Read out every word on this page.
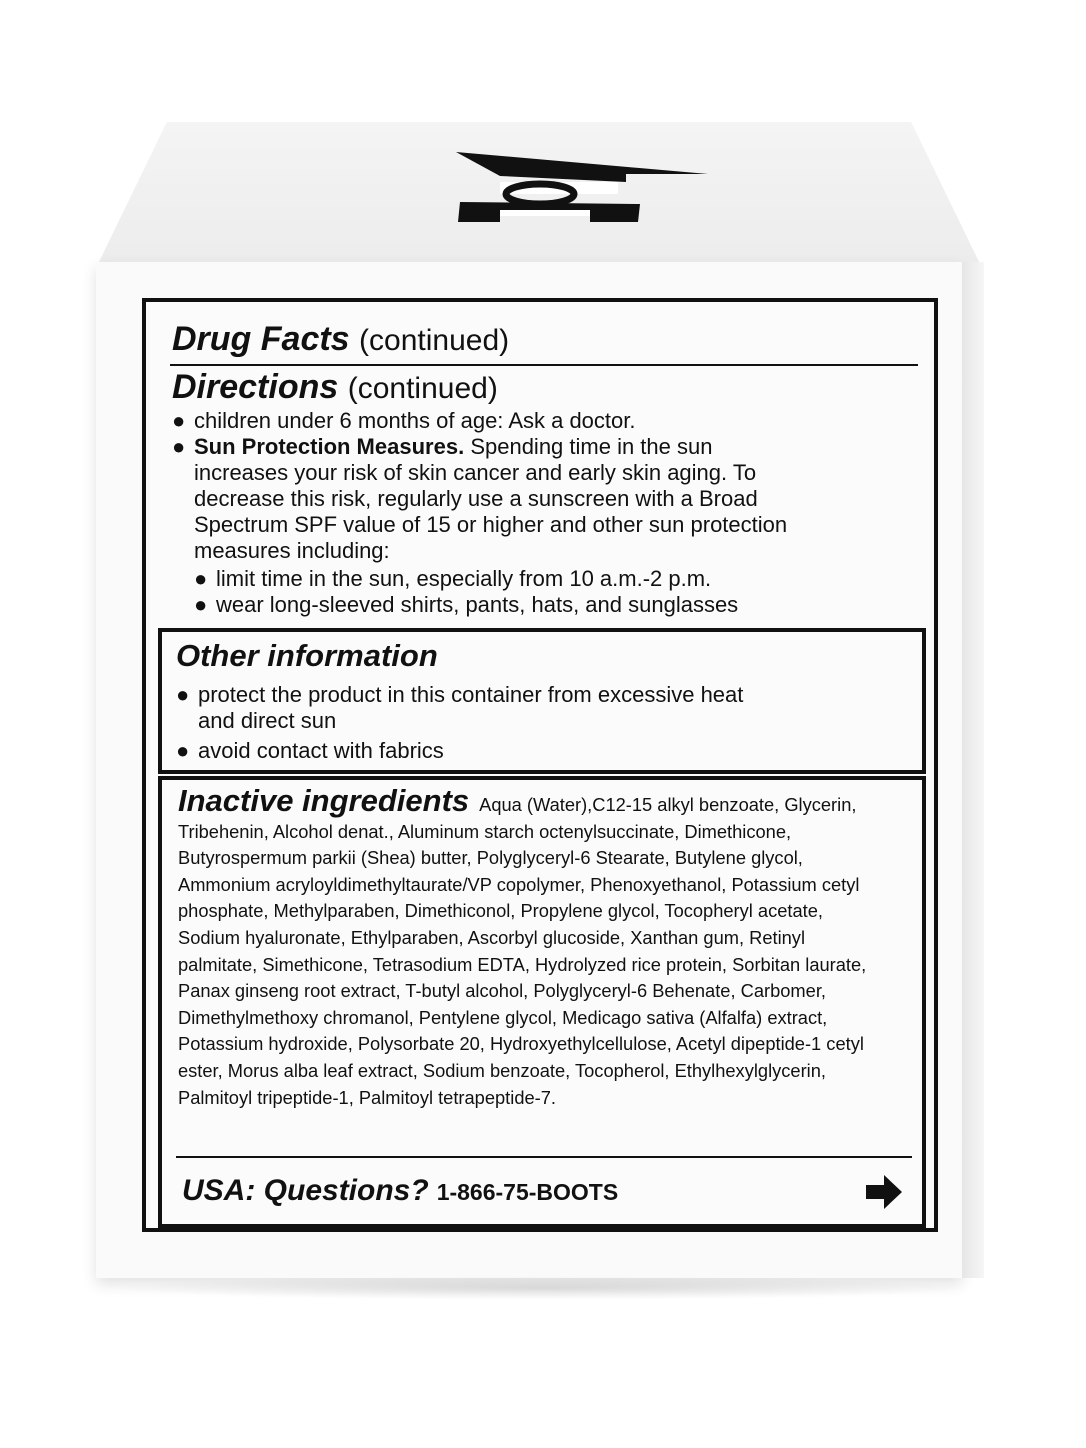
Drug Facts (continued)
Directions (continued)
● children under 6 months of age: Ask a doctor.
● Sun Protection Measures. Spending time in the sun
increases your risk of skin cancer and early skin aging. To
decrease this risk, regularly use a sunscreen with a Broad
Spectrum SPF value of 15 or higher and other sun protection
measures including:
● limit time in the sun, especially from 10 a.m.-2 p.m.
● wear long-sleeved shirts, pants, hats, and sunglasses
Other information
● protect the product in this container from excessive heat
and direct sun
● avoid contact with fabrics
Inactive ingredients Aqua (Water),C12-15 alkyl benzoate, Glycerin, Tribehenin, Alcohol denat., Aluminum starch octenylsuccinate, Dimethicone, Butyrospermum parkii (Shea) butter, Polyglyceryl-6 Stearate, Butylene glycol, Ammonium acryloyldimethyltaurate/VP copolymer, Phenoxyethanol, Potassium cetyl phosphate, Methylparaben, Dimethiconol, Propylene glycol, Tocopheryl acetate, Sodium hyaluronate, Ethylparaben, Ascorbyl glucoside, Xanthan gum, Retinyl palmitate, Simethicone, Tetrasodium EDTA, Hydrolyzed rice protein, Sorbitan laurate, Panax ginseng root extract, T-butyl alcohol, Polyglyceryl-6 Behenate, Carbomer, Dimethylmethoxy chromanol, Pentylene glycol, Medicago sativa (Alfalfa) extract, Potassium hydroxide, Polysorbate 20, Hydroxyethylcellulose, Acetyl dipeptide-1 cetyl ester, Morus alba leaf extract, Sodium benzoate, Tocopherol, Ethylhexylglycerin, Palmitoyl tripeptide-1, Palmitoyl tetrapeptide-7.
USA: Questions? 1-866-75-BOOTS
